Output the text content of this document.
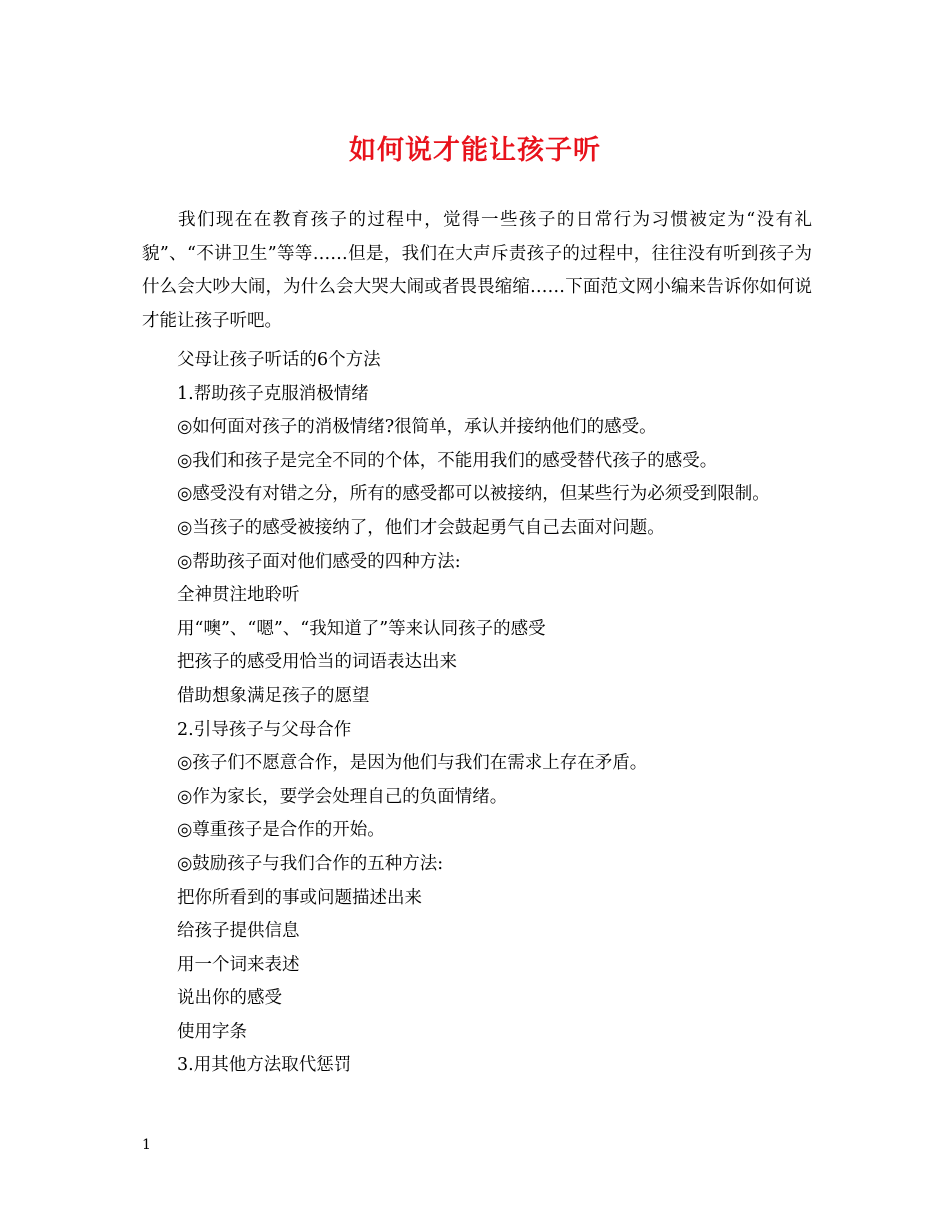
如何说才能让孩子听

我们现在在教育孩子的过程中，觉得一些孩子的日常行为习惯被定为“没有礼貌”、“不讲卫生”等等……但是，我们在大声斥责孩子的过程中，往往没有听到孩子为什么会大吵大闹，为什么会大哭大闹或者畏畏缩缩……下面范文网小编来告诉你如何说才能让孩子听吧。

父母让孩子听话的6个方法
1.帮助孩子克服消极情绪
◎如何面对孩子的消极情绪?很简单，承认并接纳他们的感受。
◎我们和孩子是完全不同的个体，不能用我们的感受替代孩子的感受。
◎感受没有对错之分，所有的感受都可以被接纳，但某些行为必须受到限制。
◎当孩子的感受被接纳了，他们才会鼓起勇气自己去面对问题。
◎帮助孩子面对他们感受的四种方法:
全神贯注地聆听
用“噢”、“嗯”、“我知道了”等来认同孩子的感受
把孩子的感受用恰当的词语表达出来
借助想象满足孩子的愿望
2.引导孩子与父母合作
◎孩子们不愿意合作，是因为他们与我们在需求上存在矛盾。
◎作为家长，要学会处理自己的负面情绪。
◎尊重孩子是合作的开始。
◎鼓励孩子与我们合作的五种方法:
把你所看到的事或问题描述出来
给孩子提供信息
用一个词来表述
说出你的感受
使用字条
3.用其他方法取代惩罚
1
